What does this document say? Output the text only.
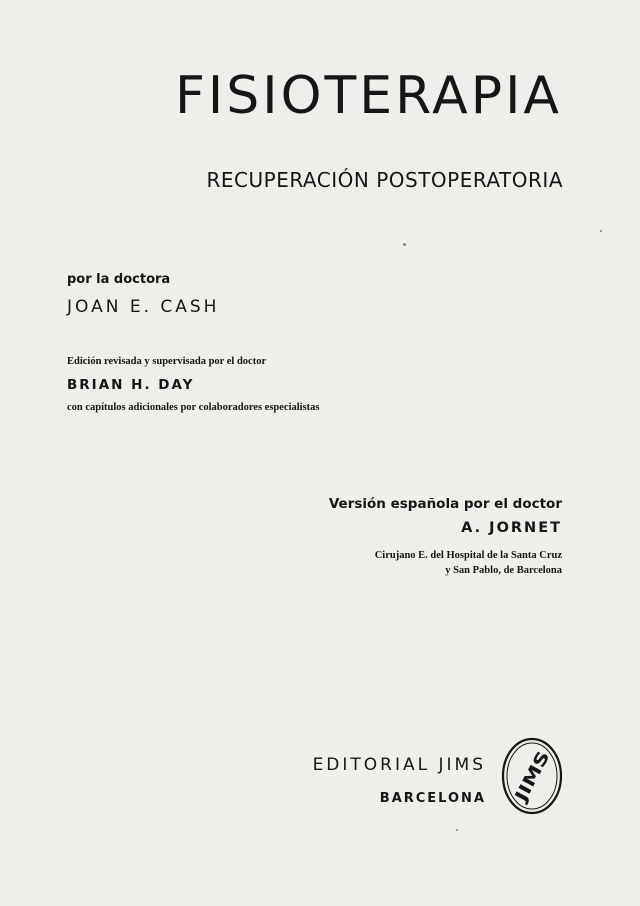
FISIOTERAPIA
RECUPERACIÓN POSTOPERATORIA
por la doctora
JOAN E. CASH
Edición revisada y supervisada por el doctor
BRIAN H. DAY
con capítulos adicionales por colaboradores especialistas
Versión española por el doctor
A. JORNET
Cirujano E. del Hospital de la Santa Cruz
y San Pablo, de Barcelona
EDITORIAL JIMS
BARCELONA JIMS
